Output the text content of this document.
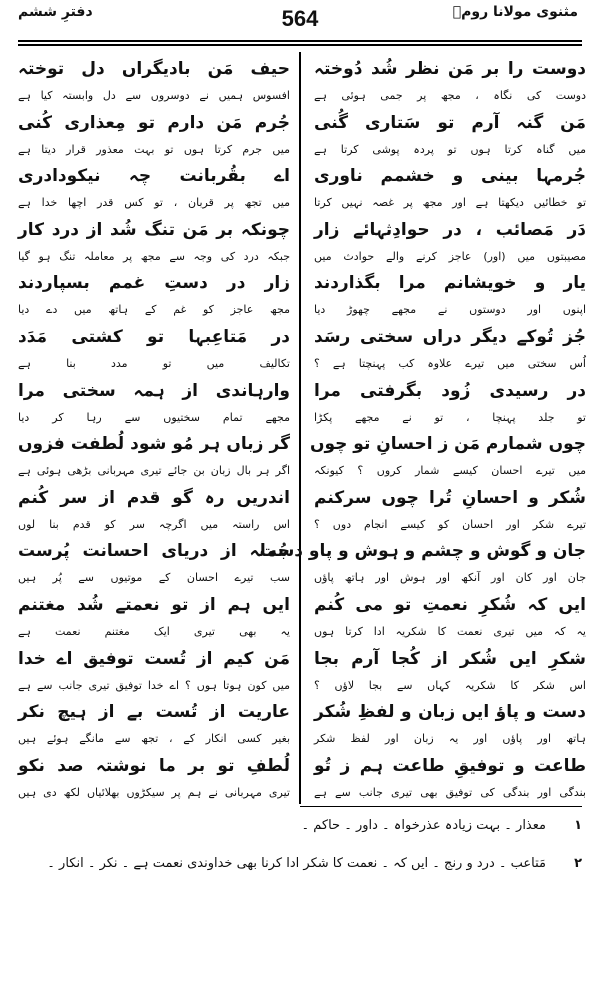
دفترِ ششم	564	مثنوی مولانا رومؒ
دوست را بر مَن نظر شُد دُوختہ
دوست کی نگاہ ، مجھ پر جمی ہوئی ہے
مَن گنہ آرم تو سَتاری گُنی
میں گناہ کرتا ہوں تو پردہ پوشی کرتا ہے
جُرمہا بینی و خشمم ناوری
تو خطائیں دیکھتا ہے اور مجھ پر غصہ نہیں کرتا
دَر مَصائب ، در حوادِثہائے زار
مصیبتوں میں (اور) عاجز کرنے والے حوادث میں
یار و خویشانم مرا بگذاردند
اپنوں اور دوستوں نے مجھے چھوڑ دیا
جُز تُوکے دیگر دراں سختی رسَد
اُس سختی میں تیرے علاوہ کب پہنچتا ہے ؟
در رسیدی زُود بگرفتی مرا
تو جلد پہنچا ، تو نے مجھے پکڑا
چوں شمارم مَن ز احسانِ تو چوں
میں تیرے احسان کیسے شمار کروں ؟ کیونکہ
شُکر و احسانِ تُرا چوں سرکنم
تیرے شکر اور احسان کو کیسے انجام دوں ؟
جان و گوش و چشم و ہوش و پاو دست
جان اور کان اور آنکھ اور ہوش اور ہاتھ پاؤں
ایں کہ شُکرِ نعمتِ تو می کُنم
یہ کہ میں تیری نعمت کا شکریہ ادا کرتا ہوں
شکرِ ایں شُکر از کُجا آرم بجا
اس شکر کا شکریہ کہاں سے بجا لاؤں ؟
دست و پاؤ ایں زبان و لفظِ شُکر
ہاتھ اور پاؤں اور یہ زبان اور لفظ شکر
طاعت و توفیقِ طاعت ہم ز تُو
بندگی اور بندگی کی توفیق بھی تیری جانب سے ہے
حیف مَن بادیگراں دل توختہ
افسوس ہمیں نے دوسروں سے دل وابستہ کیا ہے
جُرم مَن دارم تو مِعذاری کُنی
میں جرم کرتا ہوں تو بہت معذور قرار دیتا ہے
اے بقُربانت چہ نیکودادری
میں تجھ پر قربان ، تو کس قدر اچھا خدا ہے
چونکہ بر مَن تنگ شُد از درد کار
جبکہ درد کی وجہ سے مجھ پر معاملہ تنگ ہو گیا
زار در دستِ غمم بسپاردند
مجھ عاجز کو غم کے ہاتھ میں دے دیا
در مَتاعِبہا تو کشتی مَدَد
تکالیف میں تو مدد بنا ہے
وارہاندی از ہمہ سختی مرا
مجھے تمام سختیوں سے رہا کر دیا
گر زباں ہر مُو شود لُطفت فزوں
اگر ہر بال زبان بن جائے تیری مہربانی بڑھی ہوئی ہے
اندریں رہ گو قدم از سر کُنم
اس راستہ میں اگرچہ سر کو قدم بنا لوں
جُملہ از دریای احسانت پُرست
سب تیرے احسان کے موتیوں سے پُر ہیں
ایں ہم از تو نعمتے شُد مغتنم
یہ بھی تیری ایک مغتنم نعمت ہے
مَن کیم از تُست توفیق اے خدا
میں کون ہوتا ہوں ؟ اے خدا توفیق تیری جانب سے ہے
عاریت از تُست بے از ہیچ نکر
بغیر کسی انکار کے ، تجھ سے مانگے ہوئے ہیں
لُطفِ تو بر ما نوشتہ صد نکو
تیری مہربانی نے ہم پر سیکڑوں بھلائیاں لکھ دی ہیں
۱
معذار ۔ بہت زیادہ عذرخواہ ۔ داور ۔ حاکم ۔
۲
مَتاعب ۔ درد و رنج ۔ ایں کہ ۔ نعمت کا شکر ادا کرنا بھی خداوندی نعمت ہے ۔ نکر ۔ انکار ۔
